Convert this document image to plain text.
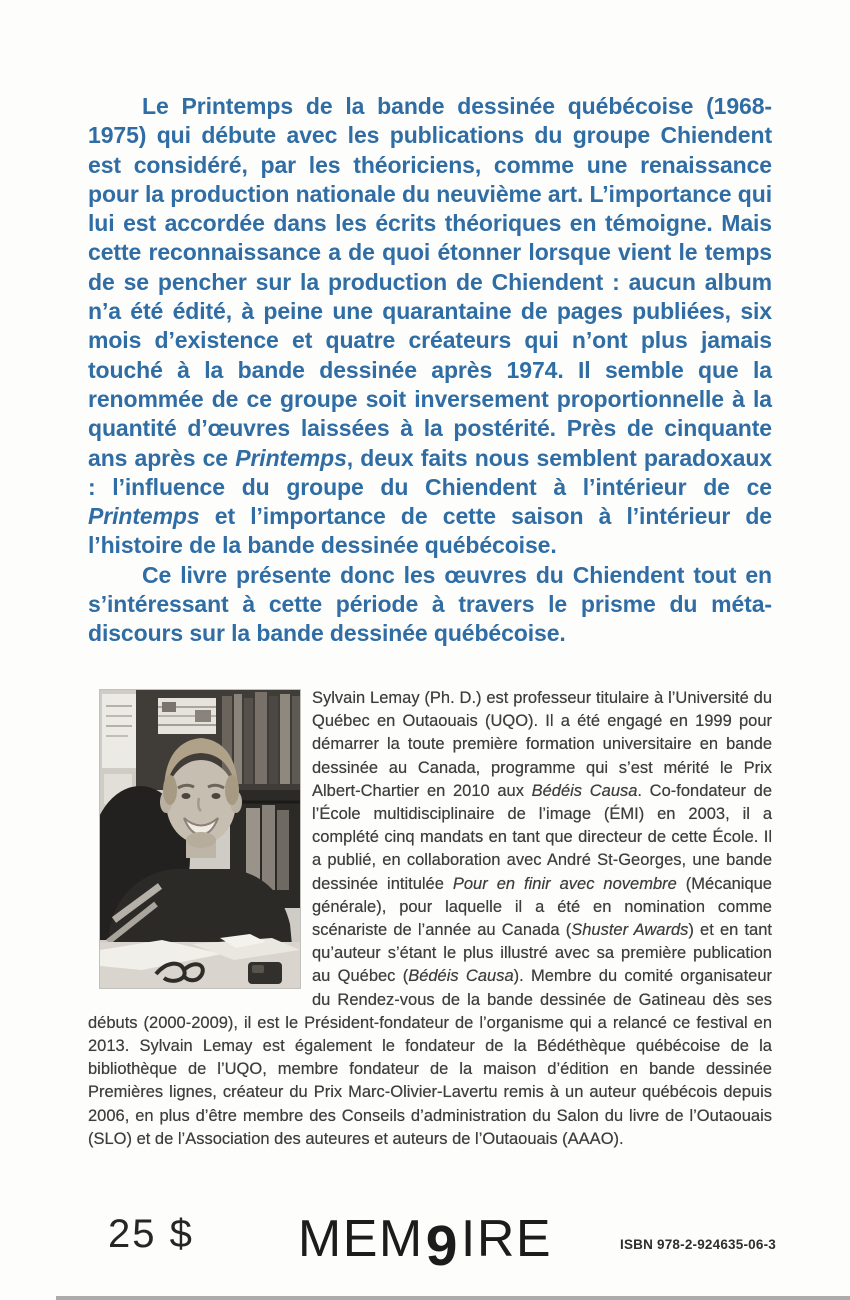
Le Printemps de la bande dessinée québécoise (1968-1975) qui débute avec les publications du groupe Chiendent est considéré, par les théoriciens, comme une renaissance pour la production nationale du neuvième art. L’importance qui lui est accordée dans les écrits théoriques en témoigne. Mais cette reconnaissance a de quoi étonner lorsque vient le temps de se pencher sur la production de Chiendent : aucun album n’a été édité, à peine une quarantaine de pages publiées, six mois d’existence et quatre créateurs qui n’ont plus jamais touché à la bande dessinée après 1974. Il semble que la renommée de ce groupe soit inversement proportionnelle à la quantité d’œuvres laissées à la postérité. Près de cinquante ans après ce Printemps, deux faits nous semblent paradoxaux : l’influence du groupe du Chiendent à l’intérieur de ce Printemps et l’importance de cette saison à l’intérieur de l’histoire de la bande dessinée québécoise.

Ce livre présente donc les œuvres du Chiendent tout en s’intéressant à cette période à travers le prisme du méta-discours sur la bande dessinée québécoise.

Sylvain Lemay (Ph. D.) est professeur titulaire à l’Université du Québec en Outaouais (UQO). Il a été engagé en 1999 pour démarrer la toute première formation universitaire en bande dessinée au Canada, programme qui s’est mérité le Prix Albert-Chartier en 2010 aux Bédéis Causa. Co-fondateur de l’École multidisciplinaire de l’image (ÉMI) en 2003, il a complété cinq mandats en tant que directeur de cette École. Il a publié, en collaboration avec André St-Georges, une bande dessinée intitulée Pour en finir avec novembre (Mécanique générale), pour laquelle il a été en nomination comme scénariste de l’année au Canada (Shuster Awards) et en tant qu’auteur s’étant le plus illustré avec sa première publication au Québec (Bédéis Causa). Membre du comité organisateur du Rendez-vous de la bande dessinée de Gatineau dès ses débuts (2000-2009), il est le Président-fondateur de l’organisme qui a relancé ce festival en 2013. Sylvain Lemay est également le fondateur de la Bédéthèque québécoise de la bibliothèque de l’UQO, membre fondateur de la maison d’édition en bande dessinée Premières lignes, créateur du Prix Marc-Olivier-Lavertu remis à un auteur québécois depuis 2006, en plus d’être membre des Conseils d’administration du Salon du livre de l’Outaouais (SLO) et de l’Association des auteures et auteurs de l’Outaouais (AAAO).

25 $	MEM9IRE	ISBN 978-2-924635-06-3
